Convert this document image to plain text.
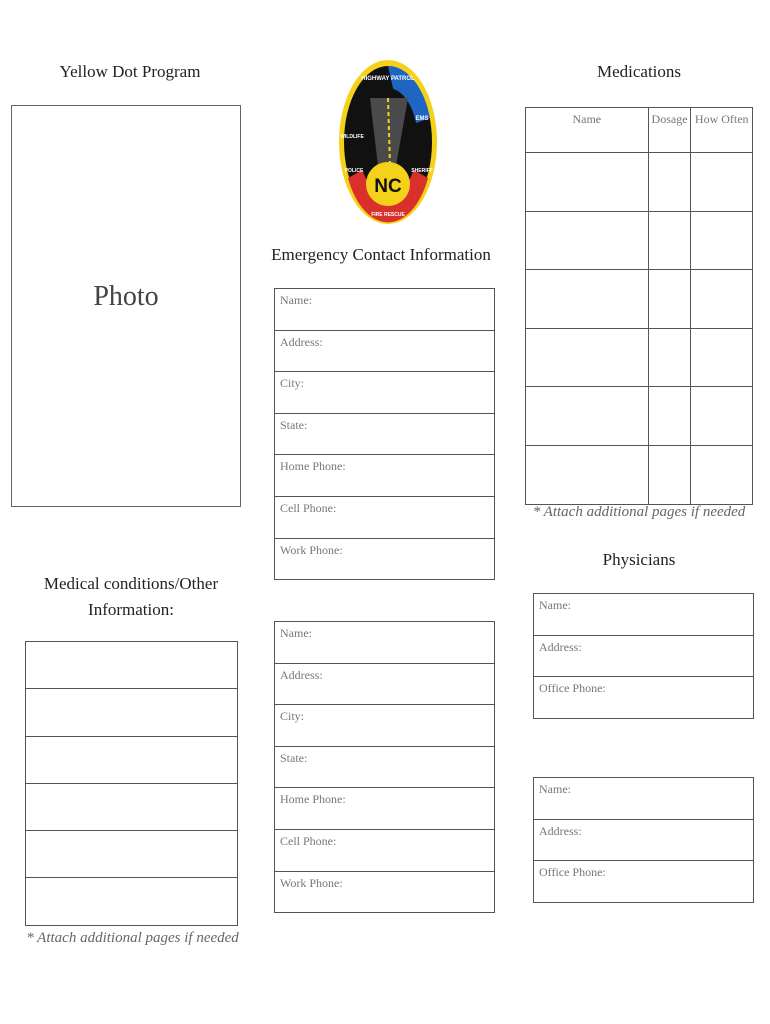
Yellow Dot Program
Photo
Medical conditions/Other
Information:
* Attach additional pages if needed
NC
HIGHWAY PATROL
EMS
WILDLIFE
POLICE	SHERIFF
FIRE RESCUE
Emergency Contact Information
Name:
Address:
City:
State:
Home Phone:
Cell Phone:
Work Phone:
Name:
Address:
City:
State:
Home Phone:
Cell Phone:
Work Phone:
Medications
Name	Dosage	How Often

* Attach additional pages if needed
Physicians
Name:
Address:
Office Phone:
Name:
Address:
Office Phone:
